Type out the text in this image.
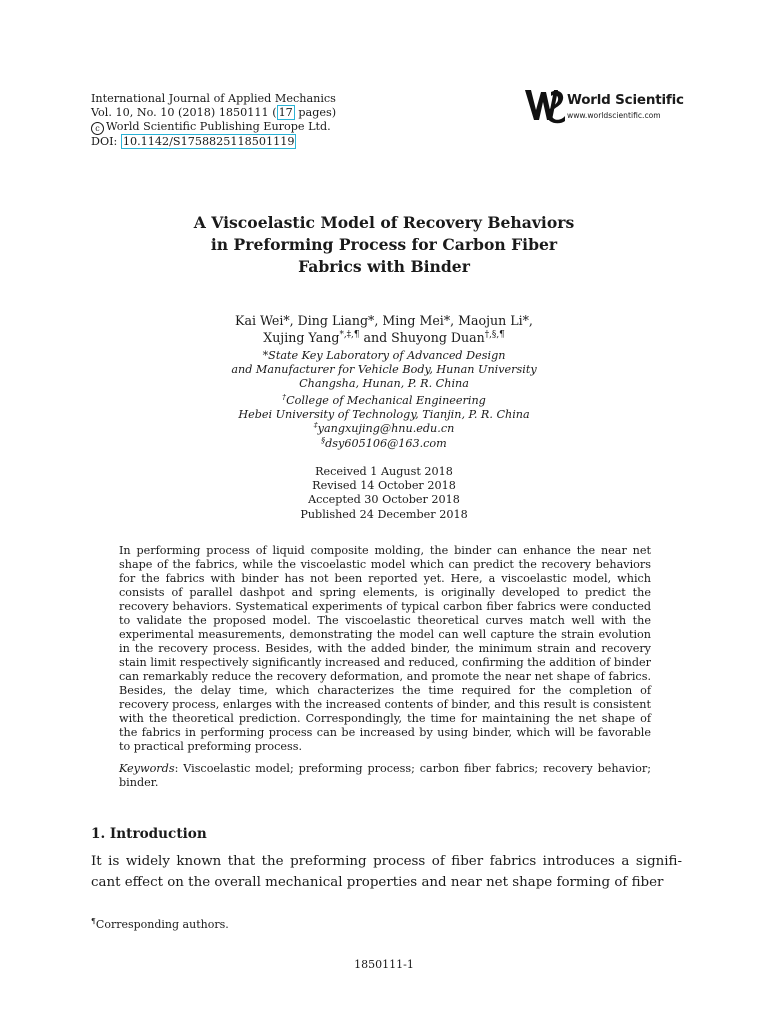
International Journal of Applied Mechanics
Vol. 10, No. 10 (2018) 1850111 ( 17 pages)
c World Scientific Publishing Europe Ltd.
DOI: 10.1142/S1758825118501119
World Scientific
www.worldscientific.com
A Viscoelastic Model of Recovery Behaviors
in Preforming Process for Carbon Fiber
Fabrics with Binder
Kai Wei*, Ding Liang*, Ming Mei*, Maojun Li*,
Xujing Yang*,‡,¶ and Shuyong Duan†,§,¶
*State Key Laboratory of Advanced Design
and Manufacturer for Vehicle Body, Hunan University
Changsha, Hunan, P. R. China
†College of Mechanical Engineering
Hebei University of Technology, Tianjin, P. R. China
‡yangxujing@hnu.edu.cn
§dsy605106@163.com
Received 1 August 2018
Revised 14 October 2018
Accepted 30 October 2018
Published 24 December 2018
In performing process of liquid composite molding, the binder can enhance the near net shape of the fabrics, while the viscoelastic model which can predict the recovery behaviors for the fabrics with binder has not been reported yet. Here, a viscoelastic model, which consists of parallel dashpot and spring elements, is originally developed to predict the recovery behaviors. Systematical experiments of typical carbon fiber fabrics were conducted to validate the proposed model. The viscoelastic theoretical curves match well with the experimental measurements, demonstrating the model can well capture the strain evolution in the recovery process. Besides, with the added binder, the minimum strain and recovery stain limit respectively significantly increased and reduced, confirming the addition of binder can remarkably reduce the recovery deformation, and promote the near net shape of fabrics. Besides, the delay time, which characterizes the time required for the completion of recovery process, enlarges with the increased contents of binder, and this result is consistent with the theoretical prediction. Correspondingly, the time for maintaining the net shape of the fabrics in performing process can be increased by using binder, which will be favorable to practical preforming process.
Keywords: Viscoelastic model; preforming process; carbon fiber fabrics; recovery behavior; binder.
1. Introduction
It is widely known that the preforming process of fiber fabrics introduces a signifi-
cant effect on the overall mechanical properties and near net shape forming of fiber
¶Corresponding authors.
1850111-1
